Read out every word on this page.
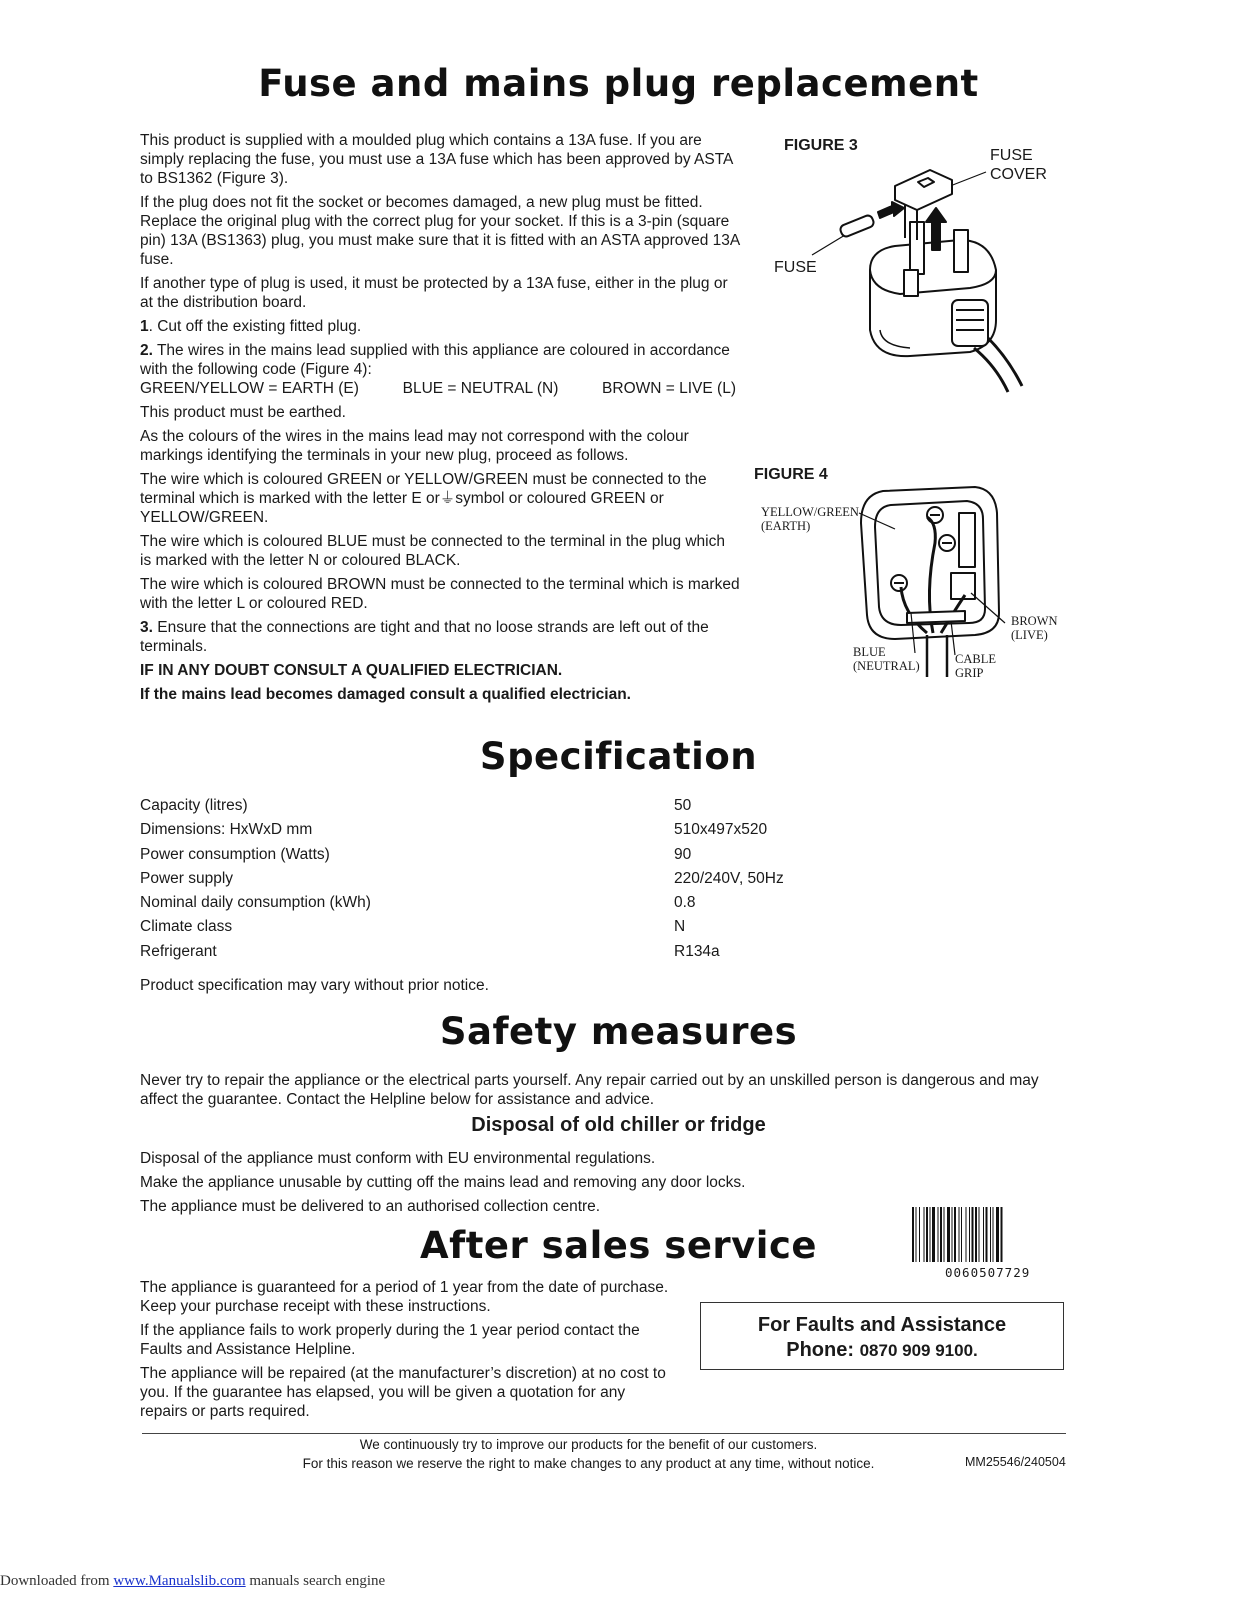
Fuse and mains plug replacement

This product is supplied with a moulded plug which contains a 13A fuse. If you are simply replacing the fuse, you must use a 13A fuse which has been approved by ASTA to BS1362 (Figure 3).

If the plug does not fit the socket or becomes damaged, a new plug must be fitted. Replace the original plug with the correct plug for your socket. If this is a 3-pin (square pin) 13A (BS1363) plug, you must make sure that it is fitted with an ASTA approved 13A fuse.

If another type of plug is used, it must be protected by a 13A fuse, either in the plug or at the distribution board.

1. Cut off the existing fitted plug.

2. The wires in the mains lead supplied with this appliance are coloured in accordance with the following code (Figure 4):

GREEN/YELLOW = EARTH (E)	BLUE = NEUTRAL (N)	BROWN = LIVE (L)

This product must be earthed.

As the colours of the wires in the mains lead may not correspond with the colour markings identifying the terminals in your new plug, proceed as follows.

The wire which is coloured GREEN or YELLOW/GREEN must be connected to the terminal which is marked with the letter E or⏚symbol or coloured GREEN or YELLOW/GREEN.

The wire which is coloured BLUE must be connected to the terminal in the plug which is marked with the letter N or coloured BLACK.

The wire which is coloured BROWN must be connected to the terminal which is marked with the letter L or coloured RED.

3. Ensure that the connections are tight and that no loose strands are left out of the terminals.

IF IN ANY DOUBT CONSULT A QUALIFIED ELECTRICIAN.

If the mains lead becomes damaged consult a qualified electrician.

FIGURE 3
FUSE
COVER
FUSE
FIGURE 4
YELLOW/GREEN
(EARTH)
BROWN
(LIVE)
BLUE
(NEUTRAL)	CABLE
GRIP
Specification
Capacity (litres)	50
Dimensions: HxWxD mm	510x497x520
Power consumption (Watts)	90
Power supply	220/240V, 50Hz
Nominal daily consumption (kWh)	0.8
Climate class	N
Refrigerant	R134a
Product specification may vary without prior notice.
Safety measures
Never try to repair the appliance or the electrical parts yourself. Any repair carried out by an unskilled person is dangerous and may affect the guarantee. Contact the Helpline below for assistance and advice.
Disposal of old chiller or fridge
Disposal of the appliance must conform with EU environmental regulations.
Make the appliance unusable by cutting off the mains lead and removing any door locks.
The appliance must be delivered to an authorised collection centre.
After sales service

The appliance is guaranteed for a period of 1 year from the date of purchase. Keep your purchase receipt with these instructions.

If the appliance fails to work properly during the 1 year period contact the Faults and Assistance Helpline.

The appliance will be repaired (at the manufacturer’s discretion) at no cost to you. If the guarantee has elapsed, you will be given a quotation for any repairs or parts required.

0060507729
For Faults and Assistance
Phone: 0870 909 9100.
We continuously try to improve our products for the benefit of our customers.
For this reason we reserve the right to make changes to any product at any time, without notice.	MM25546/240504
Downloaded from www.Manualslib.com manuals search engine
